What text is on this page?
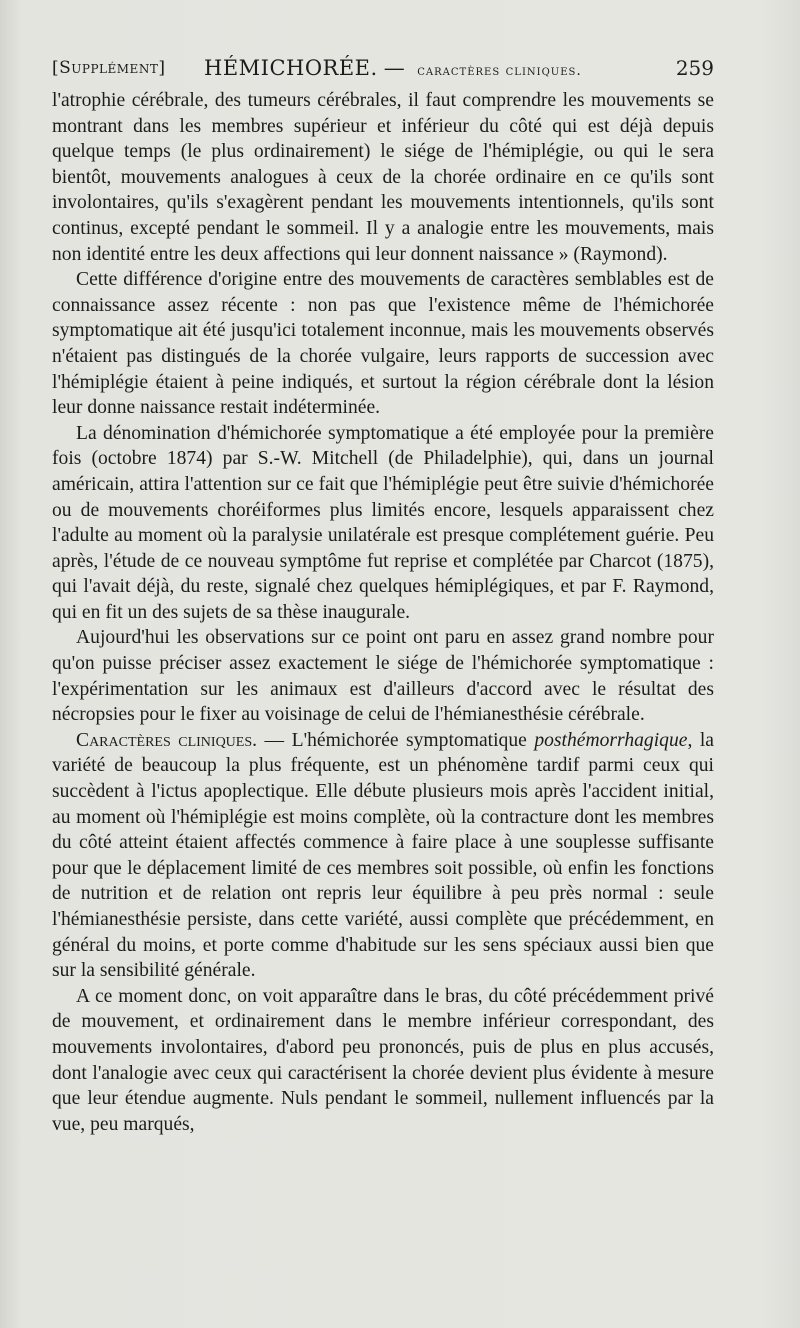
[Supplément] HÉMICHORÉE. — caractères cliniques.	259

l'atrophie cérébrale, des tumeurs cérébrales, il faut comprendre les mouvements se montrant dans les membres supérieur et inférieur du côté qui est déjà depuis quelque temps (le plus ordinairement) le siége de l'hémiplégie, ou qui le sera bientôt, mouvements analogues à ceux de la chorée ordinaire en ce qu'ils sont involontaires, qu'ils s'exagèrent pendant les mouvements intentionnels, qu'ils sont continus, excepté pendant le sommeil. Il y a analogie entre les mouvements, mais non identité entre les deux affections qui leur donnent naissance » (Raymond).

Cette différence d'origine entre des mouvements de caractères semblables est de connaissance assez récente : non pas que l'existence même de l'hémichorée symptomatique ait été jusqu'ici totalement inconnue, mais les mouvements observés n'étaient pas distingués de la chorée vulgaire, leurs rapports de succession avec l'hémiplégie étaient à peine indiqués, et surtout la région cérébrale dont la lésion leur donne naissance restait indéterminée.

La dénomination d'hémichorée symptomatique a été employée pour la première fois (octobre 1874) par S.-W. Mitchell (de Philadelphie), qui, dans un journal américain, attira l'attention sur ce fait que l'hémiplégie peut être suivie d'hémichorée ou de mouvements choréiformes plus limités encore, lesquels apparaissent chez l'adulte au moment où la paralysie unilatérale est presque complétement guérie. Peu après, l'étude de ce nouveau symptôme fut reprise et complétée par Charcot (1875), qui l'avait déjà, du reste, signalé chez quelques hémiplégiques, et par F. Raymond, qui en fit un des sujets de sa thèse inaugurale.

Aujourd'hui les observations sur ce point ont paru en assez grand nombre pour qu'on puisse préciser assez exactement le siége de l'hémichorée symptomatique : l'expérimentation sur les animaux est d'ailleurs d'accord avec le résultat des nécropsies pour le fixer au voisinage de celui de l'hémianesthésie cérébrale.

Caractères cliniques. — L'hémichorée symptomatique posthémorrhagique, la variété de beaucoup la plus fréquente, est un phénomène tardif parmi ceux qui succèdent à l'ictus apoplectique. Elle débute plusieurs mois après l'accident initial, au moment où l'hémiplégie est moins complète, où la contracture dont les membres du côté atteint étaient affectés commence à faire place à une souplesse suffisante pour que le déplacement limité de ces membres soit possible, où enfin les fonctions de nutrition et de relation ont repris leur équilibre à peu près normal : seule l'hémianesthésie persiste, dans cette variété, aussi complète que précédemment, en général du moins, et porte comme d'habitude sur les sens spéciaux aussi bien que sur la sensibilité générale.

A ce moment donc, on voit apparaître dans le bras, du côté précédemment privé de mouvement, et ordinairement dans le membre inférieur correspondant, des mouvements involontaires, d'abord peu prononcés, puis de plus en plus accusés, dont l'analogie avec ceux qui caractérisent la chorée devient plus évidente à mesure que leur étendue augmente. Nuls pendant le sommeil, nullement influencés par la vue, peu marqués,
